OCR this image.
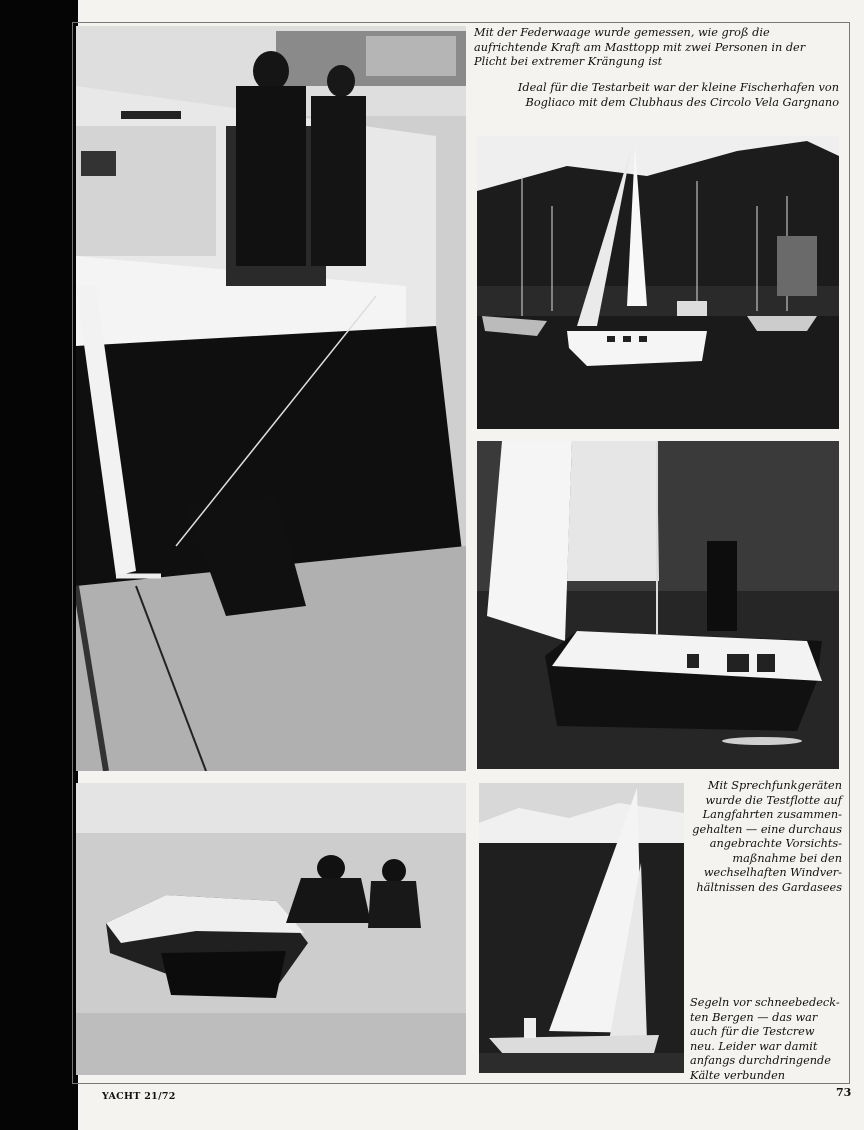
Mit der Federwaage wurde gemessen, wie groß die
aufrichtende Kraft am Masttopp mit zwei Personen in der
Plicht bei extremer Krängung ist
Ideal für die Testarbeit war der kleine Fischerhafen von
Bogliaco mit dem Clubhaus des Circolo Vela Gargnano
Mit Sprechfunkgeräten
wurde die Testflotte auf
Langfahrten zusammen-
gehalten — eine durchaus
angebrachte Vorsichts-
maßnahme bei den
wechselhaften Windver-
hältnissen des Gardasees
Segeln vor schneebedeck-
ten Bergen — das war
auch für die Testcrew
neu. Leider war damit
anfangs durchdringende
Kälte verbunden
YACHT 21/72	73
